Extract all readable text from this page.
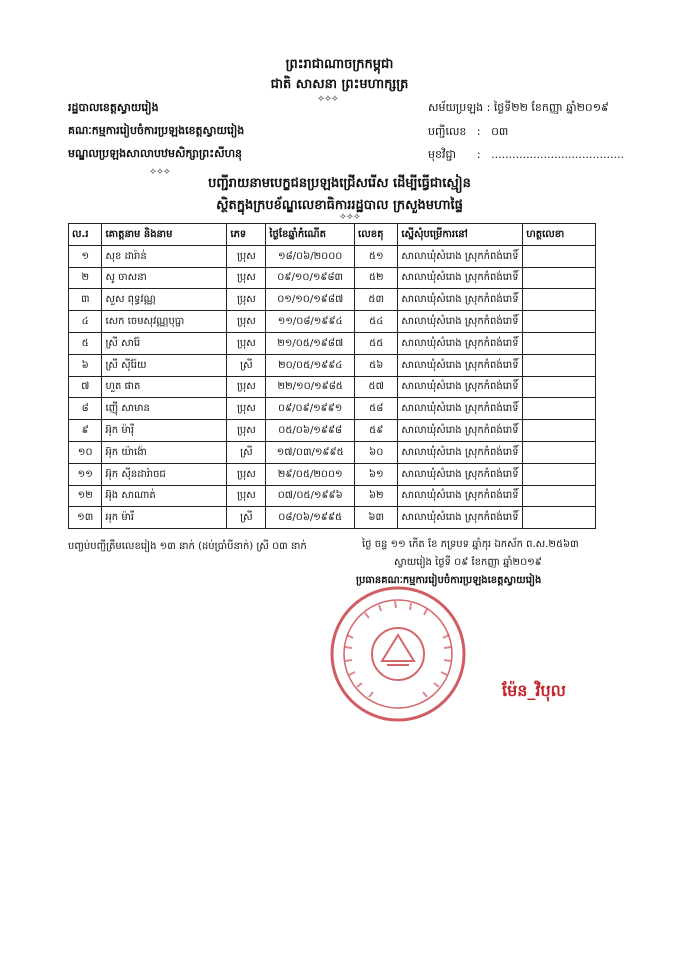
ព្រះរាជាណាចក្រកម្ពុជា
ជាតិ សាសនា ព្រះមហាក្សត្រ
⟡⟡⟡
រដ្ឋបាលខេត្តស្វាយរៀង
គណៈកម្មការរៀបចំការប្រឡងខេត្តស្វាយរៀង
មណ្ឌលប្រឡងសាលាបឋមសិក្សាព្រះសីហនុ
សម័យប្រឡង : ថ្ងៃទី២២ ខែកញ្ញា ឆ្នាំ២០១៩
បញ្ជីលេខ   :   ០៣
មុខវិជ្ជា      :   ......................................
⟡⟡⟡
បញ្ជីរាយនាមបេក្ខជនប្រឡងជ្រើសរើស ដើម្បីធ្វើជាស្មៀន
ស្ថិតក្នុងក្របខ័ណ្ឌលេខាធិការរដ្ឋបាល ក្រសួងមហាផ្ទៃ
⟡⟡⟡
ល.រ	គោត្តនាម និងនាម	ភេទ	ថ្ងៃខែឆ្នាំកំណើត	លេខតុ	ស្នើសុំបម្រើការនៅ	ហត្ថលេខា
១	សុខ ដារ៉ាន់	ប្រុស	១៨/០៦/២០០០	៥១	សាលាឃុំសំរោង ស្រុកកំពង់រោទិ៍	
២	សូ ចាសនា	ប្រុស	០៩/១០/១៩៨៣	៥២	សាលាឃុំសំរោង ស្រុកកំពង់រោទិ៍	
៣	សួស ពុទ្ធវណ្ណ	ប្រុស	០១/១០/១៩៨៧	៥៣	សាលាឃុំសំរោង ស្រុកកំពង់រោទិ៍	
៤	សេក ចេមសុវណ្ណបុប្ផា	ប្រុស	១១/០៨/១៩៩៤	៥៤	សាលាឃុំសំរោង ស្រុកកំពង់រោទិ៍	
៥	ស្រី សារ៉ែ	ប្រុស	២១/០៥/១៩៨៧	៥៥	សាលាឃុំសំរោង ស្រុកកំពង់រោទិ៍	
៦	ស្រី ស៊ីរ៉ែយ	ស្រី	២០/០៥/១៩៩៤	៥៦	សាលាឃុំសំរោង ស្រុកកំពង់រោទិ៍	
៧	ហួត ផាត	ប្រុស	២២/១០/១៩៨៥	៥៧	សាលាឃុំសំរោង ស្រុកកំពង់រោទិ៍	
៨	ញ៉ើ សាមាន	ប្រុស	០៩/០៩/១៩៩១	៥៨	សាលាឃុំសំរោង ស្រុកកំពង់រោទិ៍	
៩	អ៊ុក ម៉ារ៉ី	ប្រុស	០៥/០៦/១៩៩៨	៥៩	សាលាឃុំសំរោង ស្រុកកំពង់រោទិ៍	
១០	អ៊ុក យ៉ាង៉ោ	ស្រី	១៧/០៣/១៩៩៥	៦០	សាលាឃុំសំរោង ស្រុកកំពង់រោទិ៍	
១១	អ៊ុក ស៊ីនដារ៉ាចជ	ប្រុស	២៩/០៥/២០០១	៦១	សាលាឃុំសំរោង ស្រុកកំពង់រោទិ៍	
១២	អ៊ុង សាណាត់	ប្រុស	០៧/០៥/១៩៩៦	៦២	សាលាឃុំសំរោង ស្រុកកំពង់រោទិ៍	
១៣	អុក ម៉ារី	ស្រី	០៨/០៦/១៩៩៥	៦៣	សាលាឃុំសំរោង ស្រុកកំពង់រោទិ៍	
បញ្ចប់បញ្ជីត្រឹមលេខរៀង ១៣ នាក់ (ដប់ប្រាំបីនាក់) ស្រី ០៣ នាក់	ថ្ងៃ ចន្ទ ១១ កើត ខែ ភទ្របទ ឆ្នាំកុរ ឯកស័ក ព.ស.២៥៦៣
ស្វាយរៀង ថ្ងៃទី ០៩ ខែកញ្ញា ឆ្នាំ២០១៩
ប្រធានគណៈកម្មការរៀបចំការប្រឡងខេត្តស្វាយរៀង
ម៉ែន_វិបុល
